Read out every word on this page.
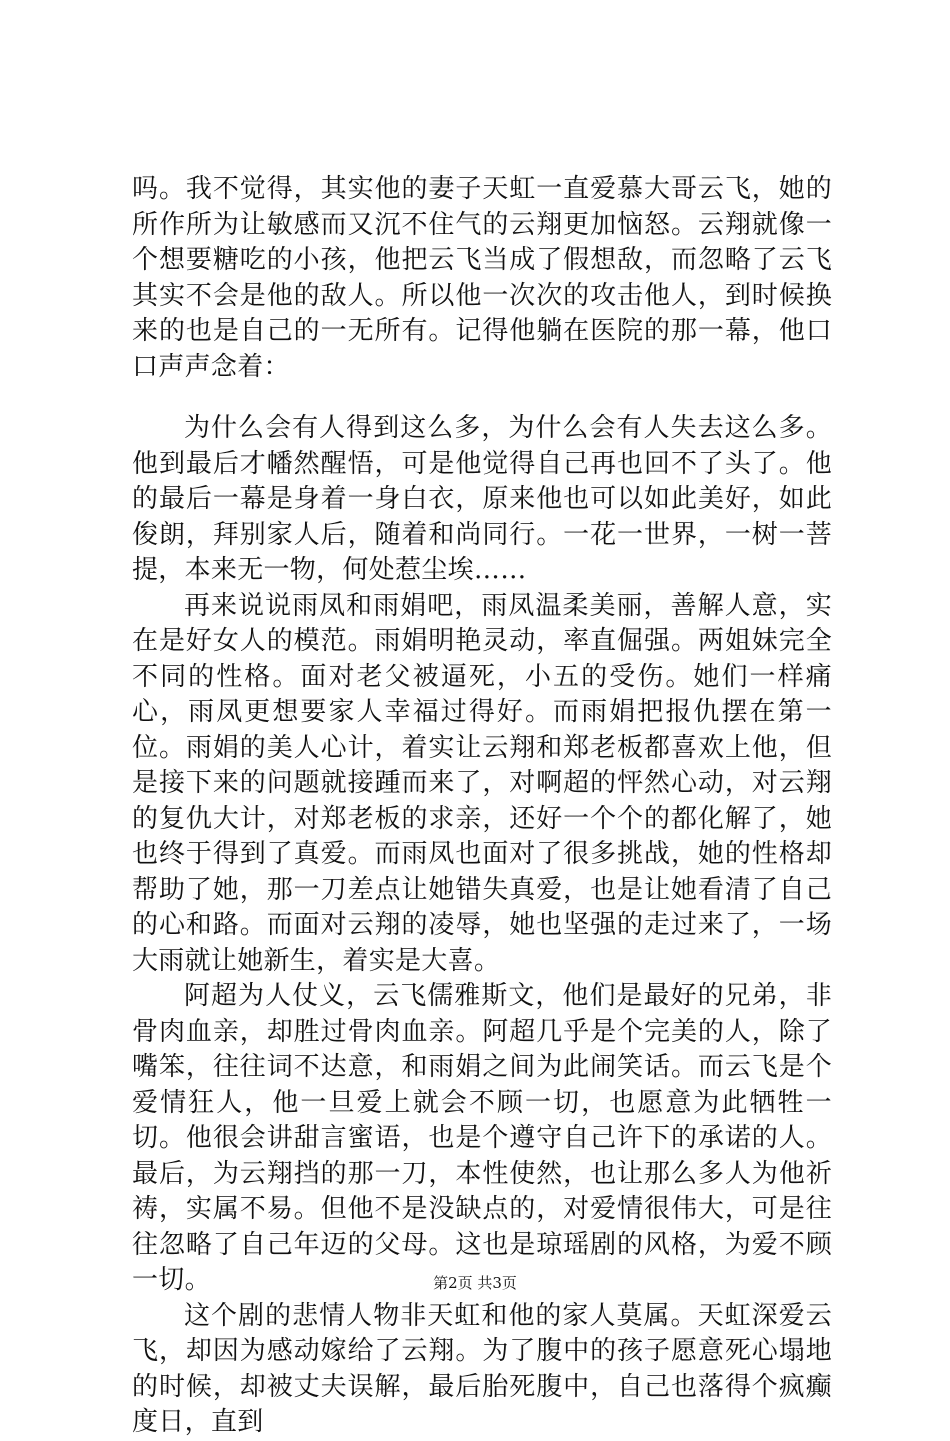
吗。我不觉得，其实他的妻子天虹一直爱慕大哥云飞，她的所作所为让敏感而又沉不住气的云翔更加恼怒。云翔就像一个想要糖吃的小孩，他把云飞当成了假想敌，而忽略了云飞其实不会是他的敌人。所以他一次次的攻击他人，到时候换来的也是自己的一无所有。记得他躺在医院的那一幕，他口口声声念着：

为什么会有人得到这么多，为什么会有人失去这么多。他到最后才幡然醒悟，可是他觉得自己再也回不了头了。他的最后一幕是身着一身白衣，原来他也可以如此美好，如此俊朗，拜别家人后，随着和尚同行。一花一世界，一树一菩提，本来无一物，何处惹尘埃……

再来说说雨凤和雨娟吧，雨凤温柔美丽，善解人意，实在是好女人的模范。雨娟明艳灵动，率直倔强。两姐妹完全不同的性格。面对老父被逼死，小五的受伤。她们一样痛心，雨凤更想要家人幸福过得好。而雨娟把报仇摆在第一位。雨娟的美人心计，着实让云翔和郑老板都喜欢上他，但是接下来的问题就接踵而来了，对啊超的怦然心动，对云翔的复仇大计，对郑老板的求亲，还好一个个的都化解了，她也终于得到了真爱。而雨凤也面对了很多挑战，她的性格却帮助了她，那一刀差点让她错失真爱，也是让她看清了自己的心和路。而面对云翔的凌辱，她也坚强的走过来了，一场大雨就让她新生，着实是大喜。

阿超为人仗义，云飞儒雅斯文，他们是最好的兄弟，非骨肉血亲，却胜过骨肉血亲。阿超几乎是个完美的人，除了嘴笨，往往词不达意，和雨娟之间为此闹笑话。而云飞是个爱情狂人，他一旦爱上就会不顾一切，也愿意为此牺牲一切。他很会讲甜言蜜语，也是个遵守自己许下的承诺的人。最后，为云翔挡的那一刀，本性使然，也让那么多人为他祈祷，实属不易。但他不是没缺点的，对爱情很伟大，可是往往忽略了自己年迈的父母。这也是琼瑶剧的风格，为爱不顾一切。

这个剧的悲情人物非天虹和他的家人莫属。天虹深爱云飞，却因为感动嫁给了云翔。为了腹中的孩子愿意死心塌地的时候，却被丈夫误解，最后胎死腹中，自己也落得个疯癫度日，直到

第2页 共3页
